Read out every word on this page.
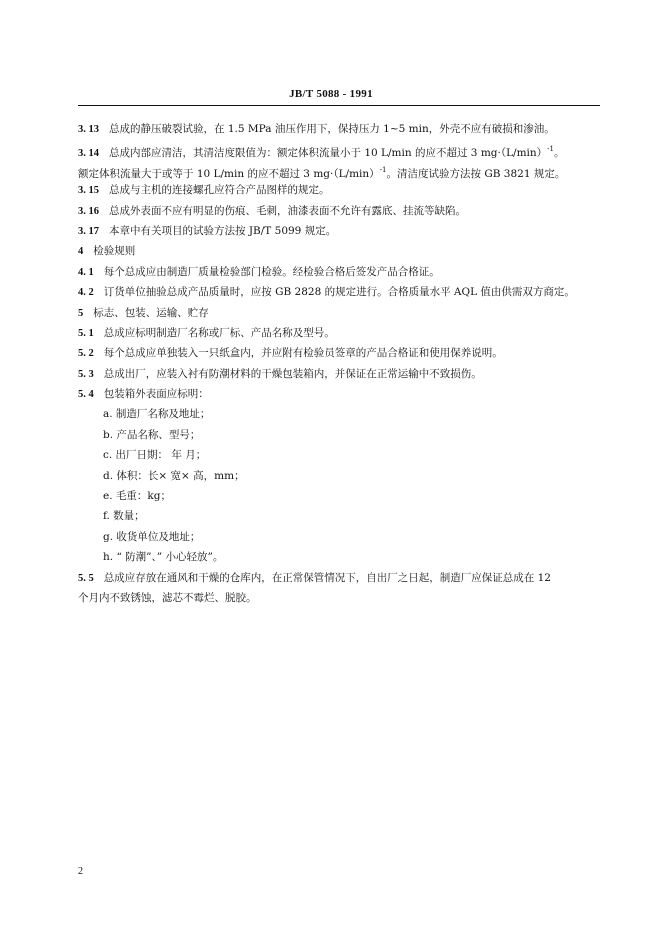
JB/T 5088 - 1991
3. 13 总成的静压破裂试验，在 1.5 MPa 油压作用下，保持压力 1~5 min，外壳不应有破损和渗油。
3. 14 总成内部应清洁，其清洁度限值为：额定体积流量小于 10 L/min 的应不超过 3 $mg\cdot(L/\min)^{-1}$。
额定体积流量大于或等于 10 L/min 的应不超过 3 $mg\cdot(L/\min)^{-1}$。清洁度试验方法按 GB 3821 规定。
3. 15 总成与主机的连接螺孔应符合产品图样的规定。
3. 16 总成外表面不应有明显的伤痕、毛刺，油漆表面不允许有露底、挂流等缺陷。
3. 17 本章中有关项目的试验方法按 JB/T 5099 规定。
4 检验规则
4. 1 每个总成应由制造厂质量检验部门检验。经检验合格后签发产品合格证。
4. 2 订货单位抽验总成产品质量时，应按 GB 2828 的规定进行。合格质量水平 AQL 值由供需双方商定。
5 标志、包装、运输、贮存
5. 1 总成应标明制造厂名称或厂标、产品名称及型号。
5. 2 每个总成应单独装入一只纸盒内，并应附有检验员签章的产品合格证和使用保养说明。
5. 3 总成出厂，应装入衬有防潮材料的干燥包装箱内，并保证在正常运输中不致损伤。
5. 4 包装箱外表面应标明：
a. 制造厂名称及地址；
b. 产品名称、型号；
c. 出厂日期： 年 月；
d. 体积：长× 宽× 高，mm；
e. 毛重：kg；
f. 数量；
g. 收货单位及地址；
h. “ 防潮”、” 小心轻放”。
5. 5 总成应存放在通风和干燥的仓库内，在正常保管情况下，自出厂之日起，制造厂应保证总成在 12
个月内不致锈蚀，滤芯不霉烂、脱胶。
2
